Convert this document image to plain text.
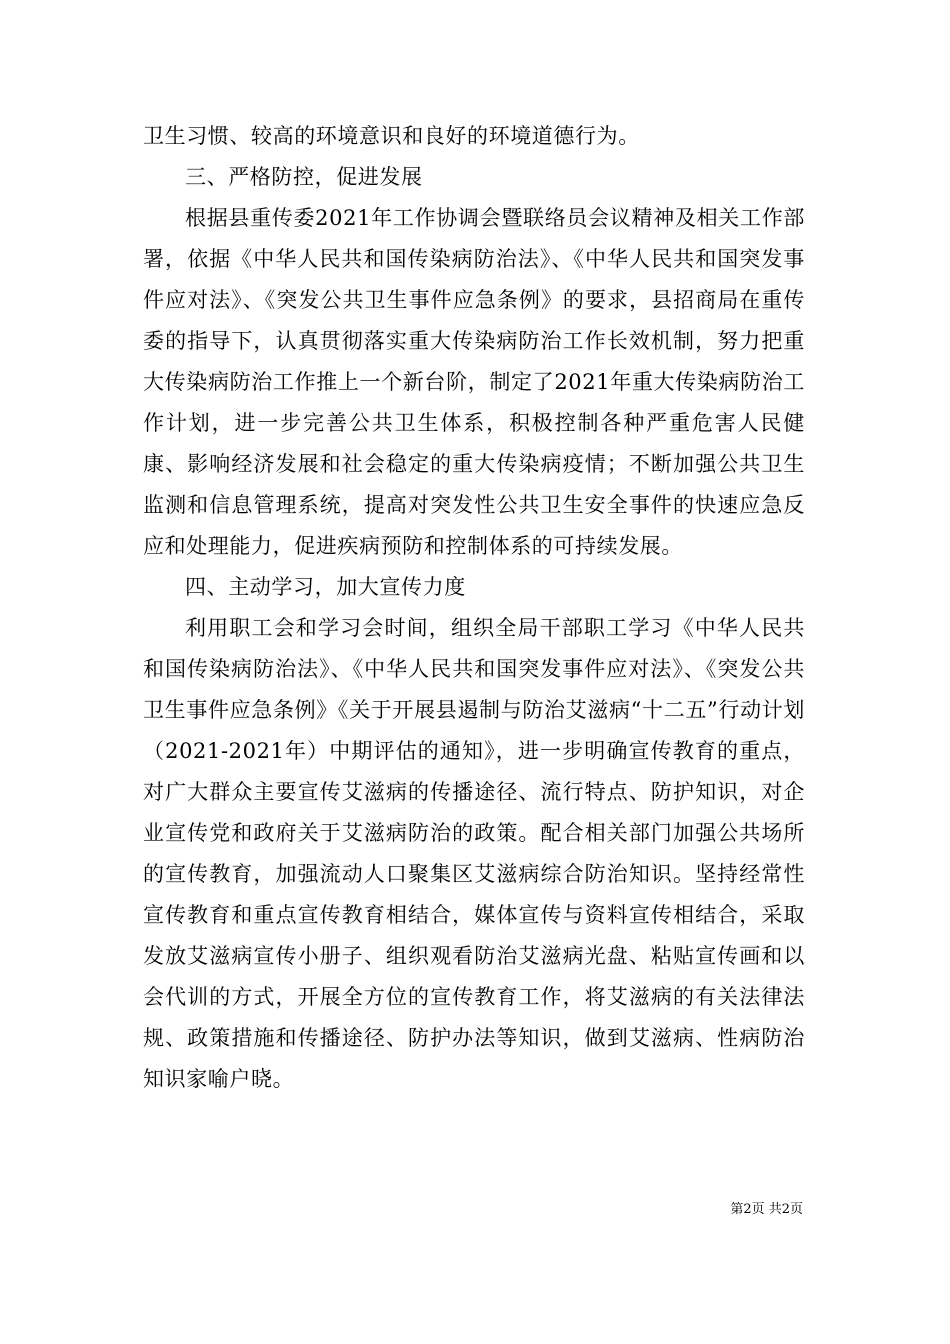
卫生习惯、较高的环境意识和良好的环境道德行为。

三、严格防控，促进发展

根据县重传委2021年工作协调会暨联络员会议精神及相关工作部署，依据《中华人民共和国传染病防治法》、《中华人民共和国突发事件应对法》、《突发公共卫生事件应急条例》的要求，县招商局在重传委的指导下，认真贯彻落实重大传染病防治工作长效机制，努力把重大传染病防治工作推上一个新台阶，制定了2021年重大传染病防治工作计划，进一步完善公共卫生体系，积极控制各种严重危害人民健康、影响经济发展和社会稳定的重大传染病疫情；不断加强公共卫生监测和信息管理系统，提高对突发性公共卫生安全事件的快速应急反应和处理能力，促进疾病预防和控制体系的可持续发展。

四、主动学习，加大宣传力度

利用职工会和学习会时间，组织全局干部职工学习《中华人民共和国传染病防治法》、《中华人民共和国突发事件应对法》、《突发公共卫生事件应急条例》《关于开展县遏制与防治艾滋病“十二五”行动计划（2021-2021年）中期评估的通知》，进一步明确宣传教育的重点，对广大群众主要宣传艾滋病的传播途径、流行特点、防护知识，对企业宣传党和政府关于艾滋病防治的政策。配合相关部门加强公共场所的宣传教育，加强流动人口聚集区艾滋病综合防治知识。坚持经常性宣传教育和重点宣传教育相结合，媒体宣传与资料宣传相结合，采取发放艾滋病宣传小册子、组织观看防治艾滋病光盘、粘贴宣传画和以会代训的方式，开展全方位的宣传教育工作，将艾滋病的有关法律法规、政策措施和传播途径、防护办法等知识，做到艾滋病、性病防治知识家喻户晓。

第2页 共2页
